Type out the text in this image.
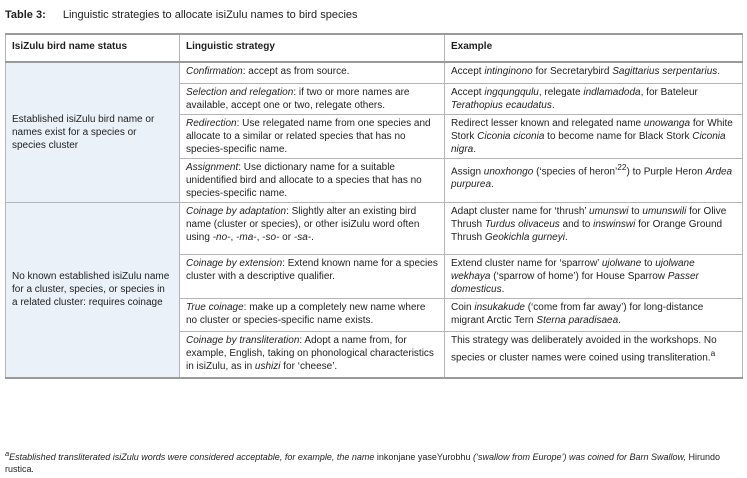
Table 3: Linguistic strategies to allocate isiZulu names to bird species
IsiZulu bird name status	Linguistic strategy	Example
Established isiZulu bird name or names exist for a species or species cluster	Confirmation: accept as from source.	Accept intinginono for Secretarybird Sagittarius serpentarius.
	Selection and relegation: if two or more names are available, accept one or two, relegate others.	Accept ingqungqulu, relegate indlamadoda, for Bateleur Terathopius ecaudatus.
	Redirection: Use relegated name from one species and allocate to a similar or related species that has no species-specific name.	Redirect lesser known and relegated name unowanga for White Stork Ciconia ciconia to become name for Black Stork Ciconia nigra.
	Assignment: Use dictionary name for a suitable unidentified bird and allocate to a species that has no species-specific name.	Assign unoxhongo (‘species of heron’$^{22}$) to Purple Heron Ardea purpurea.
No known established isiZulu name for a cluster, species, or species in a related cluster: requires coinage	Coinage by adaptation: Slightly alter an existing bird name (cluster or species), or other isiZulu word often using -no-, -ma-, -so- or -sa-.	Adapt cluster name for ‘thrush’ umunswi to umunswili for Olive Thrush Turdus olivaceus and to inswinswi for Orange Ground Thrush Geokichla gurneyi.
	Coinage by extension: Extend known name for a species cluster with a descriptive qualifier.	Extend cluster name for ‘sparrow’ ujolwane to ujolwane wekhaya (‘sparrow of home’) for House Sparrow Passer domesticus.
	True coinage: make up a completely new name where no cluster or species-specific name exists.	Coin insukakude (‘come from far away’) for long-distance migrant Arctic Tern Sterna paradisaea.
	Coinage by transliteration: Adopt a name from, for example, English, taking on phonological characteristics in isiZulu, as in ushizi for ‘cheese’.	This strategy was deliberately avoided in the workshops. No species or cluster names were coined using transliteration.$^a$
$^a$Established transliterated isiZulu words were considered acceptable, for example, the name inkonjane yaseYurobhu (‘swallow from Europe’) was coined for Barn Swallow, Hirundo rustica.
